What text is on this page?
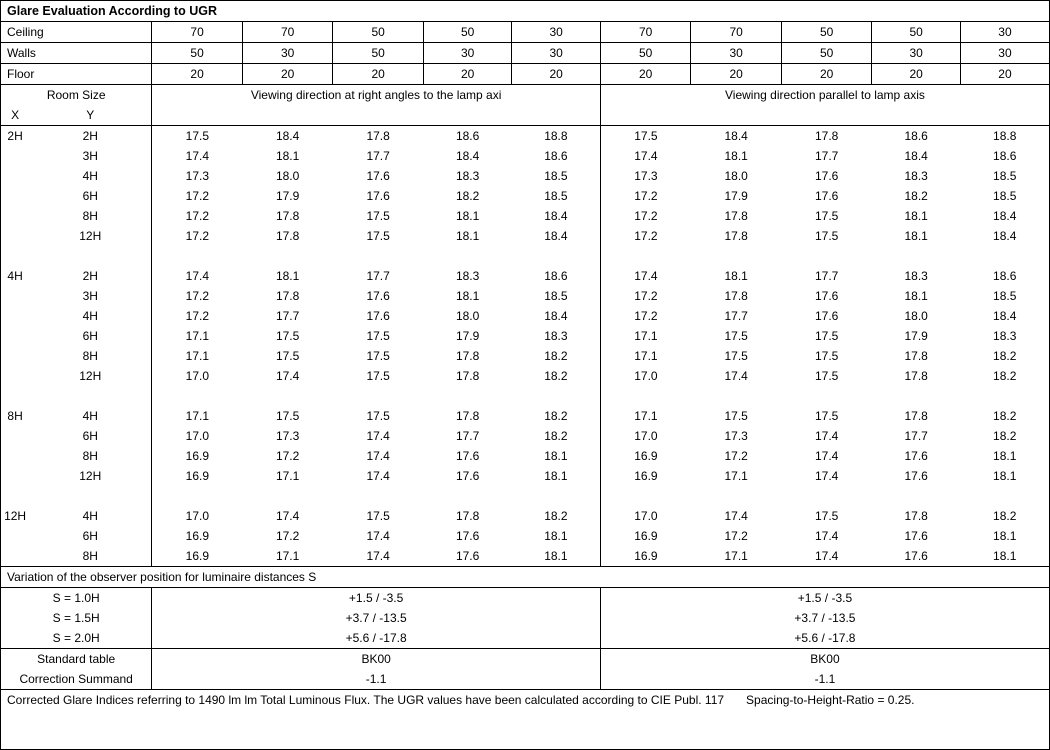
Glare Evaluation According to UGR											
Ceiling		70	70	50	50	30	70	70	50	50	30
Walls		50	30	50	30	30	50	30	50	30	30
Floor		20	20	20	20	20	20	20	20	20	20
Room Size		Viewing direction at right angles to the lamp axi					Viewing direction parallel to lamp axis				
X	Y										
2H	2H	17.5	18.4	17.8	18.6	18.8	17.5	18.4	17.8	18.6	18.8
	3H	17.4	18.1	17.7	18.4	18.6	17.4	18.1	17.7	18.4	18.6
	4H	17.3	18.0	17.6	18.3	18.5	17.3	18.0	17.6	18.3	18.5
	6H	17.2	17.9	17.6	18.2	18.5	17.2	17.9	17.6	18.2	18.5
	8H	17.2	17.8	17.5	18.1	18.4	17.2	17.8	17.5	18.1	18.4
	12H	17.2	17.8	17.5	18.1	18.4	17.2	17.8	17.5	18.1	18.4

4H	2H	17.4	18.1	17.7	18.3	18.6	17.4	18.1	17.7	18.3	18.6
	3H	17.2	17.8	17.6	18.1	18.5	17.2	17.8	17.6	18.1	18.5
	4H	17.2	17.7	17.6	18.0	18.4	17.2	17.7	17.6	18.0	18.4
	6H	17.1	17.5	17.5	17.9	18.3	17.1	17.5	17.5	17.9	18.3
	8H	17.1	17.5	17.5	17.8	18.2	17.1	17.5	17.5	17.8	18.2
	12H	17.0	17.4	17.5	17.8	18.2	17.0	17.4	17.5	17.8	18.2

8H	4H	17.1	17.5	17.5	17.8	18.2	17.1	17.5	17.5	17.8	18.2
	6H	17.0	17.3	17.4	17.7	18.2	17.0	17.3	17.4	17.7	18.2
	8H	16.9	17.2	17.4	17.6	18.1	16.9	17.2	17.4	17.6	18.1
	12H	16.9	17.1	17.4	17.6	18.1	16.9	17.1	17.4	17.6	18.1

12H	4H	17.0	17.4	17.5	17.8	18.2	17.0	17.4	17.5	17.8	18.2
	6H	16.9	17.2	17.4	17.6	18.1	16.9	17.2	17.4	17.6	18.1
	8H	16.9	17.1	17.4	17.6	18.1	16.9	17.1	17.4	17.6	18.1
Variation of the observer position for luminaire distances S											
S = 1.0H		+1.5 / -3.5					+1.5 / -3.5				
S = 1.5H		+3.7 / -13.5					+3.7 / -13.5				
S = 2.0H		+5.6 / -17.8					+5.6 / -17.8				
Standard table		BK00					BK00				
Correction Summand		-1.1					-1.1				
Corrected Glare Indices referring to 1490 lm lm Total Luminous Flux. The UGR values have been calculated according to CIE Publ. 117 Spacing-to-Height-Ratio = 0.25.											
